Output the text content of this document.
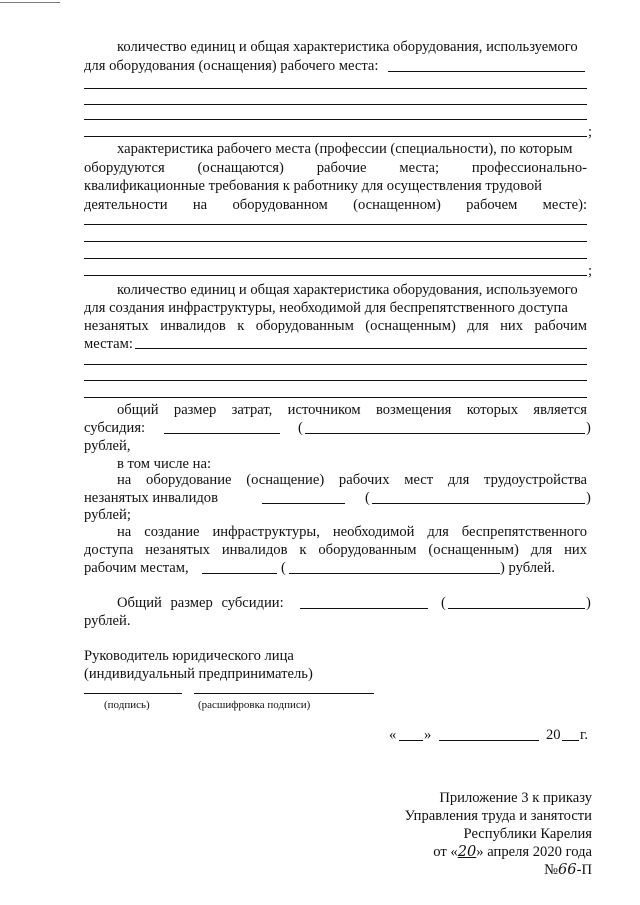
количество единиц и общая характеристика оборудования, используемого
для оборудования (оснащения) рабочего места:
;
характеристика рабочего места (профессии (специальности), по которым
оборудуются (оснащаются) рабочие места; профессионально-
квалификационные требования к работнику для осуществления трудовой
деятельности на оборудованном (оснащенном) рабочем месте):
;
количество единиц и общая характеристика оборудования, используемого
для создания инфраструктуры, необходимой для беспрепятственного доступа
незанятых инвалидов к оборудованным (оснащенным) для них рабочим
местам:
общий размер затрат, источником возмещения которых является
субсидия:	(	)
рублей,
в том числе на:
на оборудование (оснащение) рабочих мест для трудоустройства
незанятых инвалидов	(	)
рублей;
на создание инфраструктуры, необходимой для беспрепятственного
доступа незанятых инвалидов к оборудованным (оснащенным) для них
рабочим местам,	(	) рублей.
Общий размер субсидии:	(	)
рублей.
Руководитель юридического лица
(индивидуальный предприниматель)
(подпись)	(расшифровка подписи)
« »	20 г.
Приложение 3 к приказу
Управления труда и занятости
Республики Карелия
от «20» апреля 2020 года
№66-П
